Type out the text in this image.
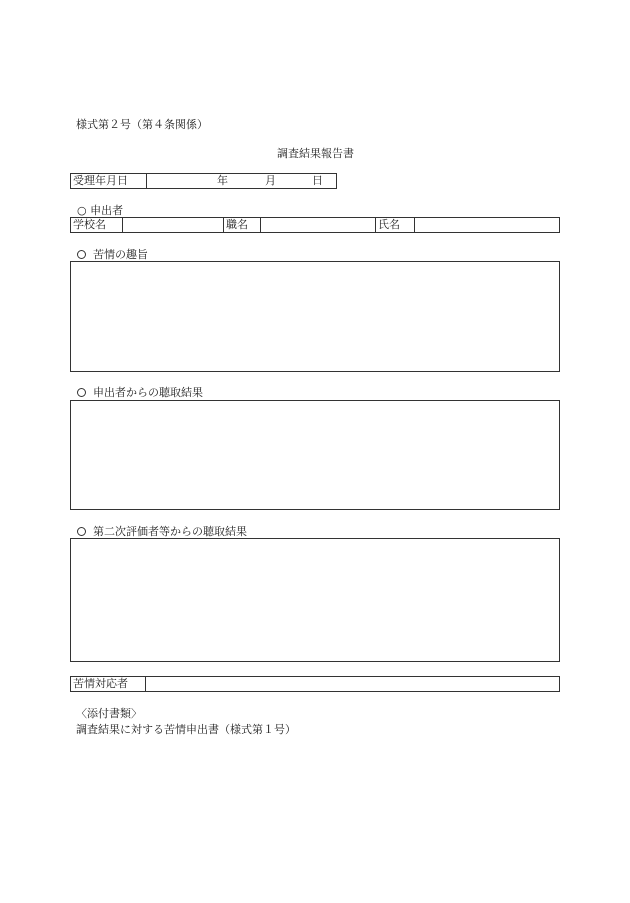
様式第２号（第４条関係）
調査結果報告書
受理年月日	年	月	日
○ 申出者
学校名	職名	氏名
苦情の趣旨
申出者からの聴取結果
第二次評価者等からの聴取結果
苦情対応者
〈添付書類〉
調査結果に対する苦情申出書（様式第１号）
